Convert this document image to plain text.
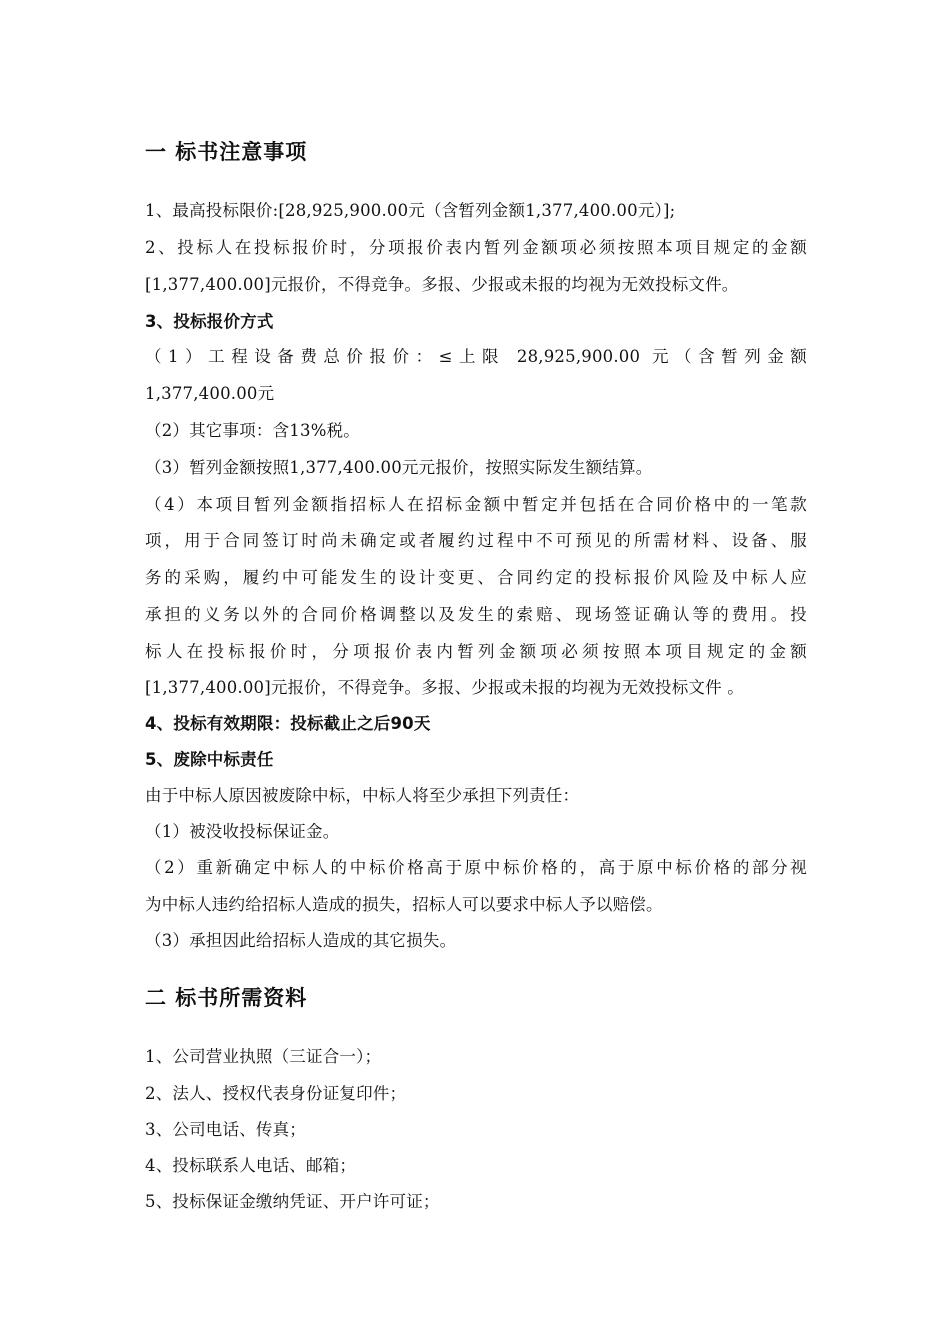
一 标书注意事项
1、最高投标限价:[28,925,900.00元（含暂列金额1,377,400.00元）];
2、投标人在投标报价时，分项报价表内暂列金额项必须按照本项目规定的金额
[1,377,400.00]元报价，不得竞争。多报、少报或未报的均视为无效投标文件。
3、投标报价方式
（1）工程设备费总价报价：≤上限 28,925,900.00 元（含暂列金额
1,377,400.00元
（2）其它事项：含13%税。
（3）暂列金额按照1,377,400.00元元报价，按照实际发生额结算。
（4）本项目暂列金额指招标人在招标金额中暂定并包括在合同价格中的一笔款
项，用于合同签订时尚未确定或者履约过程中不可预见的所需材料、设备、服
务的采购，履约中可能发生的设计变更、合同约定的投标报价风险及中标人应
承担的义务以外的合同价格调整以及发生的索赔、现场签证确认等的费用。投
标人在投标报价时，分项报价表内暂列金额项必须按照本项目规定的金额
[1,377,400.00]元报价，不得竞争。多报、少报或未报的均视为无效投标文件 。
4、投标有效期限：投标截止之后90天
5、废除中标责任
由于中标人原因被废除中标，中标人将至少承担下列责任：
（1）被没收投标保证金。
（2）重新确定中标人的中标价格高于原中标价格的，高于原中标价格的部分视
为中标人违约给招标人造成的损失，招标人可以要求中标人予以赔偿。
（3）承担因此给招标人造成的其它损失。
二 标书所需资料
1、公司营业执照（三证合一）；
2、法人、授权代表身份证复印件；
3、公司电话、传真；
4、投标联系人电话、邮箱；
5、投标保证金缴纳凭证、开户许可证；
